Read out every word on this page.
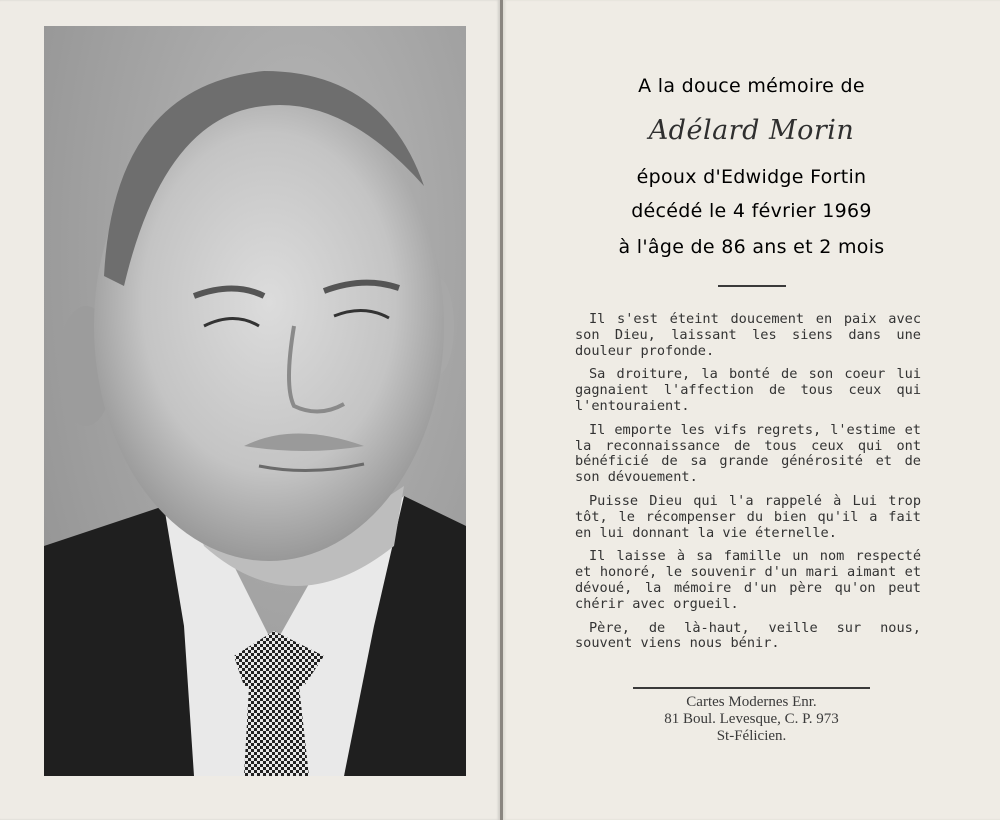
A la douce mémoire de
Adélard Morin
époux d'Edwidge Fortin
décédé le 4 février 1969
à l'âge de 86 ans et 2 mois

Il s'est éteint doucement en paix avec son Dieu, laissant les siens dans une douleur profonde.

Sa droiture, la bonté de son coeur lui gagnaient l'affection de tous ceux qui l'entouraient.

Il emporte les vifs regrets, l'estime et la reconnaissance de tous ceux qui ont bénéficié de sa grande générosité et de son dévouement.

Puisse Dieu qui l'a rappelé à Lui trop tôt, le récompenser du bien qu'il a fait en lui donnant la vie éternelle.

Il laisse à sa famille un nom respecté et honoré, le souvenir d'un mari aimant et dévoué, la mémoire d'un père qu'on peut chérir avec orgueil.

Père, de là-haut, veille sur nous, souvent viens nous bénir.

Cartes Modernes Enr.
81 Boul. Levesque, C. P. 973
St-Félicien.
